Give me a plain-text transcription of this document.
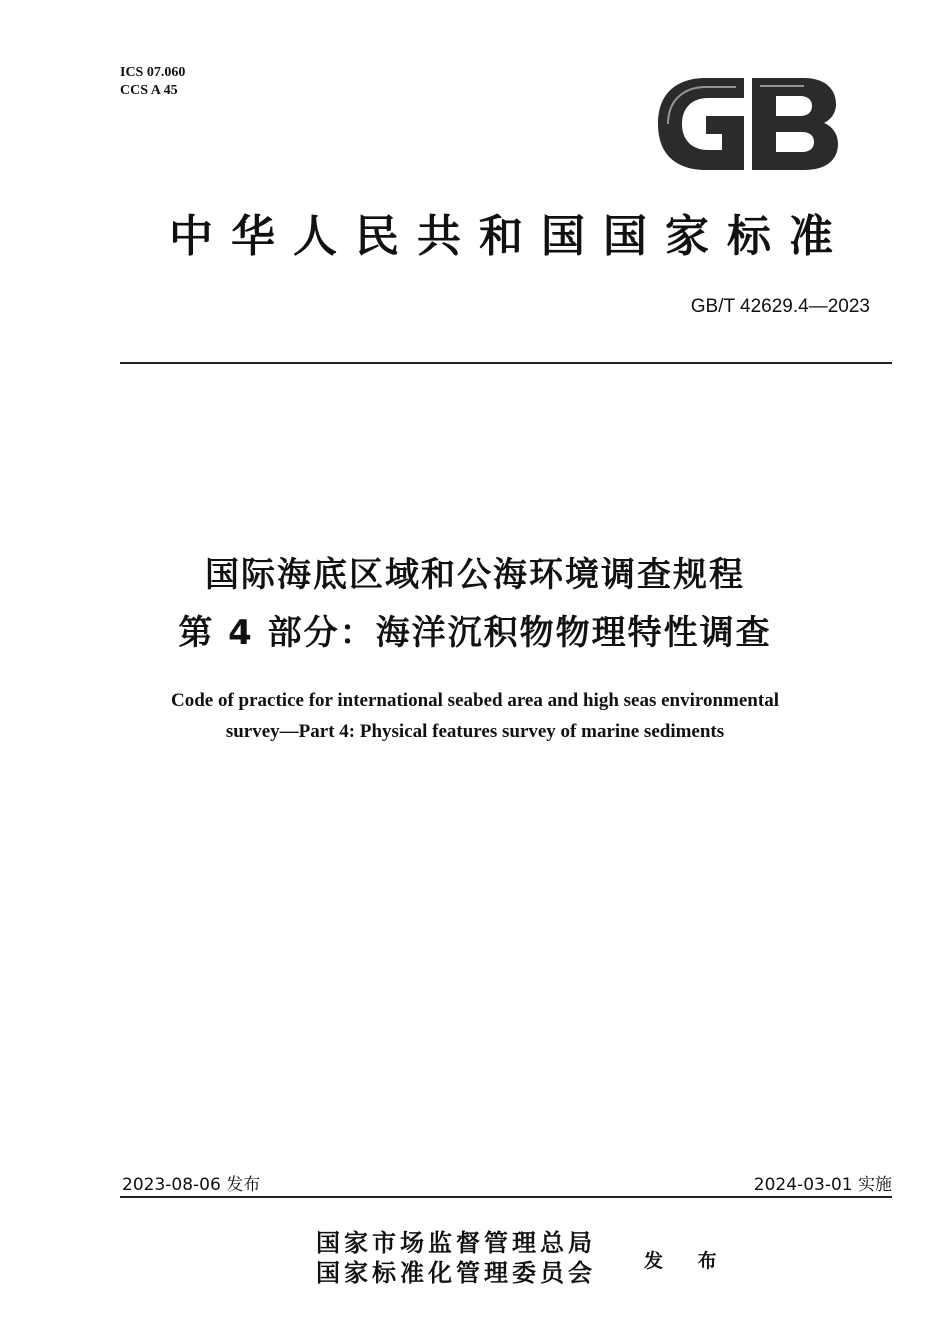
ICS 07.060
CCS A 45
中华人民共和国国家标准
GB/T 42629.4—2023
国际海底区域和公海环境调查规程
第 4 部分：海洋沉积物物理特性调查
Code of practice for international seabed area and high seas environmental
survey—Part 4: Physical features survey of marine sediments
2023-08-06 发布	2024-03-01 实施
国家市场监督管理总局
国家标准化管理委员会	发 布
